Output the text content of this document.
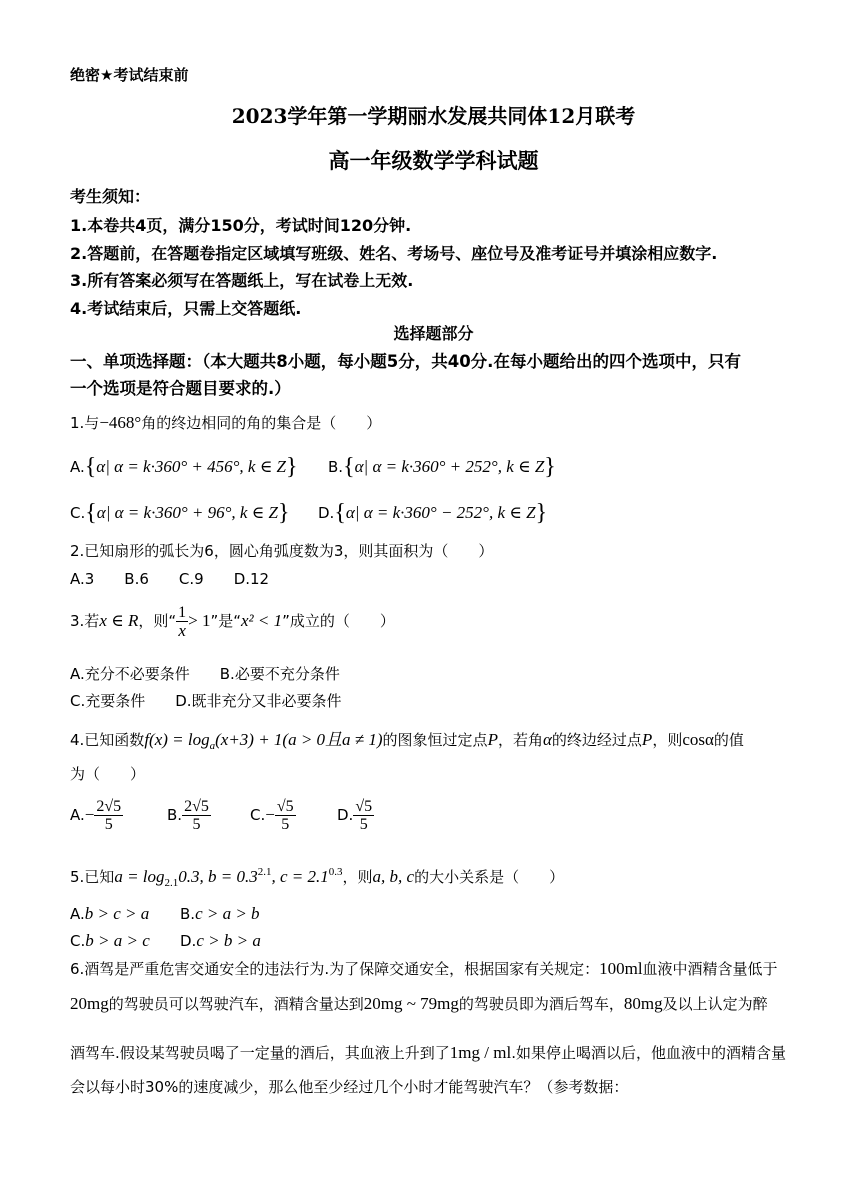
绝密★考试结束前
2023学年第一学期丽水发展共同体12月联考
高一年级数学学科试题
考生须知：
1.本卷共4页，满分150分，考试时间120分钟.
2.答题前，在答题卷指定区域填写班级、姓名、考场号、座位号及准考证号并填涂相应数字.
3.所有答案必须写在答题纸上，写在试卷上无效.
4.考试结束后，只需上交答题纸.
选择题部分
一、单项选择题：（本大题共8小题，每小题5分，共40分.在每小题给出的四个选项中，只有
一个选项是符合题目要求的.）
1.与−468°角的终边相同的角的集合是（　　）
A.{α| α = k·360° + 456°, k ∈ Z} B.{α| α = k·360° + 252°, k ∈ Z}
C.{α| α = k·360° + 96°, k ∈ Z} D.{α| α = k·360° − 252°, k ∈ Z}
2.已知扇形的弧长为6，圆心角弧度数为3，则其面积为（　　）
A.3　　B.6　　C.9　　D.12
3.若x ∈ R，则“ $\frac{1}{x} > 1$”是“x² < 1”成立的（　　）
A.充分不必要条件　　B.必要不充分条件
C.充要条件　　D.既非充分又非必要条件
4.已知函数$f(x) = \log_a(x+3) + 1(a > 0$且a ≠ 1)的图象恒过定点P，若角α的终边经过点P，则cosα的值
为（　　）
$A.- \frac{2√5}{5}$	B. $\frac{2√5}{5}$	$C.- \frac{√5}{5}$	D. $\frac{√5}{5}$
5.已知$a = \log_{2.1}0.3$, $b = 0.3^{2.1}$, $c = 2.1^{0.3}$，则a, b, c的大小关系是（　　）
A.b > c > a B.c > a > b
C.b > a > c D.c > b > a
6.酒驾是严重危害交通安全的违法行为.为了保障交通安全，根据国家有关规定：100ml血液中酒精含量低于
20mg的驾驶员可以驾驶汽车，酒精含量达到20mg ~ 79mg的驾驶员即为酒后驾车，80mg及以上认定为醉
酒驾车.假设某驾驶员喝了一定量的酒后，其血液上升到了1mg / ml.如果停止喝酒以后，他血液中的酒精含量
会以每小时30%的速度减少，那么他至少经过几个小时才能驾驶汽车？（参考数据：
